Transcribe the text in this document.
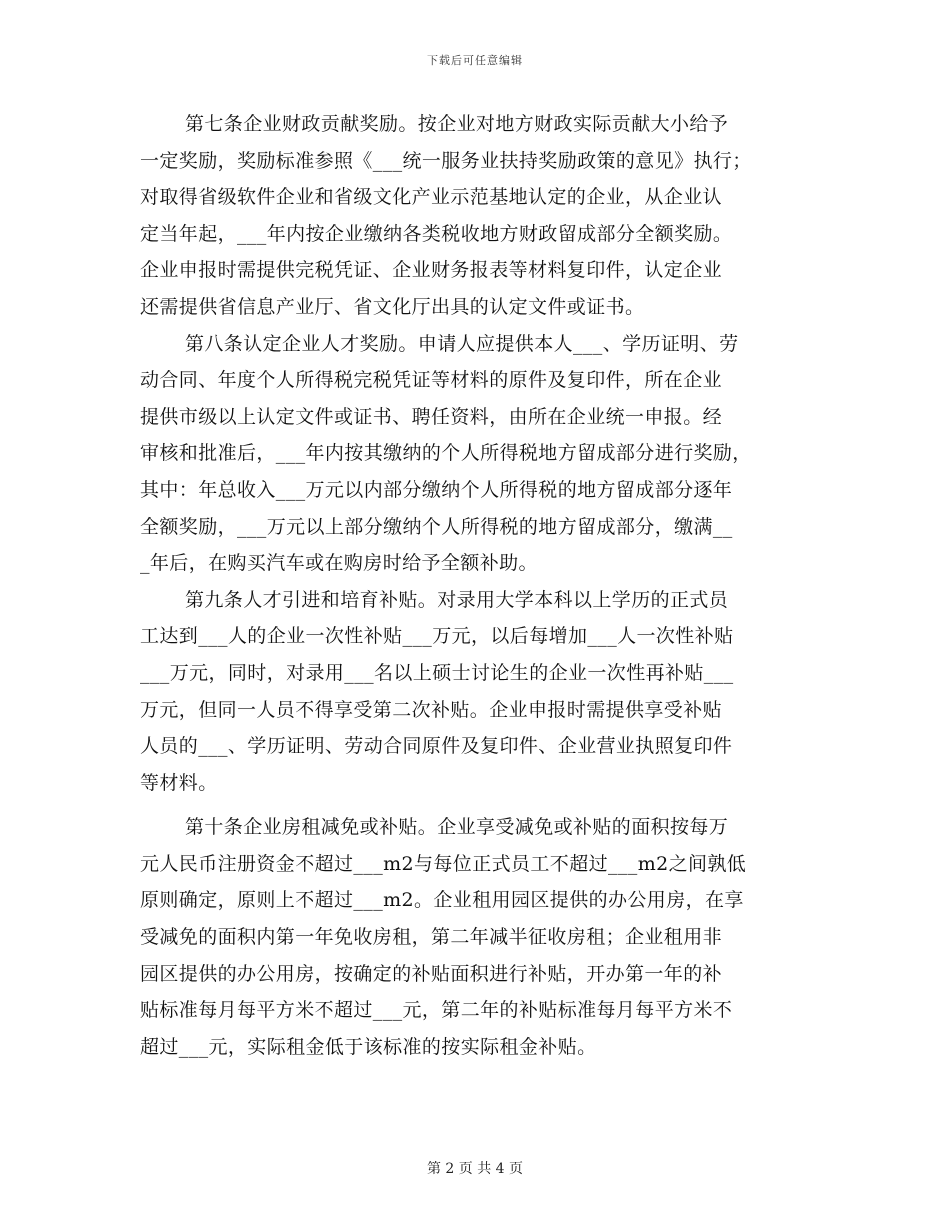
下载后可任意编辑
第七条企业财政贡献奖励。按企业对地方财政实际贡献大小给予
一定奖励，奖励标准参照《___统一服务业扶持奖励政策的意见》执行；
对取得省级软件企业和省级文化产业示范基地认定的企业，从企业认
定当年起，___年内按企业缴纳各类税收地方财政留成部分全额奖励。
企业申报时需提供完税凭证、企业财务报表等材料复印件，认定企业
还需提供省信息产业厅、省文化厅出具的认定文件或证书。
第八条认定企业人才奖励。申请人应提供本人___、学历证明、劳
动合同、年度个人所得税完税凭证等材料的原件及复印件，所在企业
提供市级以上认定文件或证书、聘任资料，由所在企业统一申报。经
审核和批准后，___年内按其缴纳的个人所得税地方留成部分进行奖励，
其中：年总收入___万元以内部分缴纳个人所得税的地方留成部分逐年
全额奖励，___万元以上部分缴纳个人所得税的地方留成部分，缴满__
_年后，在购买汽车或在购房时给予全额补助。
第九条人才引进和培育补贴。对录用大学本科以上学历的正式员
工达到___人的企业一次性补贴___万元，以后每增加___人一次性补贴
___万元，同时，对录用___名以上硕士讨论生的企业一次性再补贴___
万元，但同一人员不得享受第二次补贴。企业申报时需提供享受补贴
人员的___、学历证明、劳动合同原件及复印件、企业营业执照复印件
等材料。
第十条企业房租减免或补贴。企业享受减免或补贴的面积按每万
元人民币注册资金不超过___m2与每位正式员工不超过___m2之间孰低
原则确定，原则上不超过___m2。企业租用园区提供的办公用房，在享
受减免的面积内第一年免收房租，第二年减半征收房租；企业租用非
园区提供的办公用房，按确定的补贴面积进行补贴，开办第一年的补
贴标准每月每平方米不超过___元，第二年的补贴标准每月每平方米不
超过___元，实际租金低于该标准的按实际租金补贴。
第 2 页 共 4 页
